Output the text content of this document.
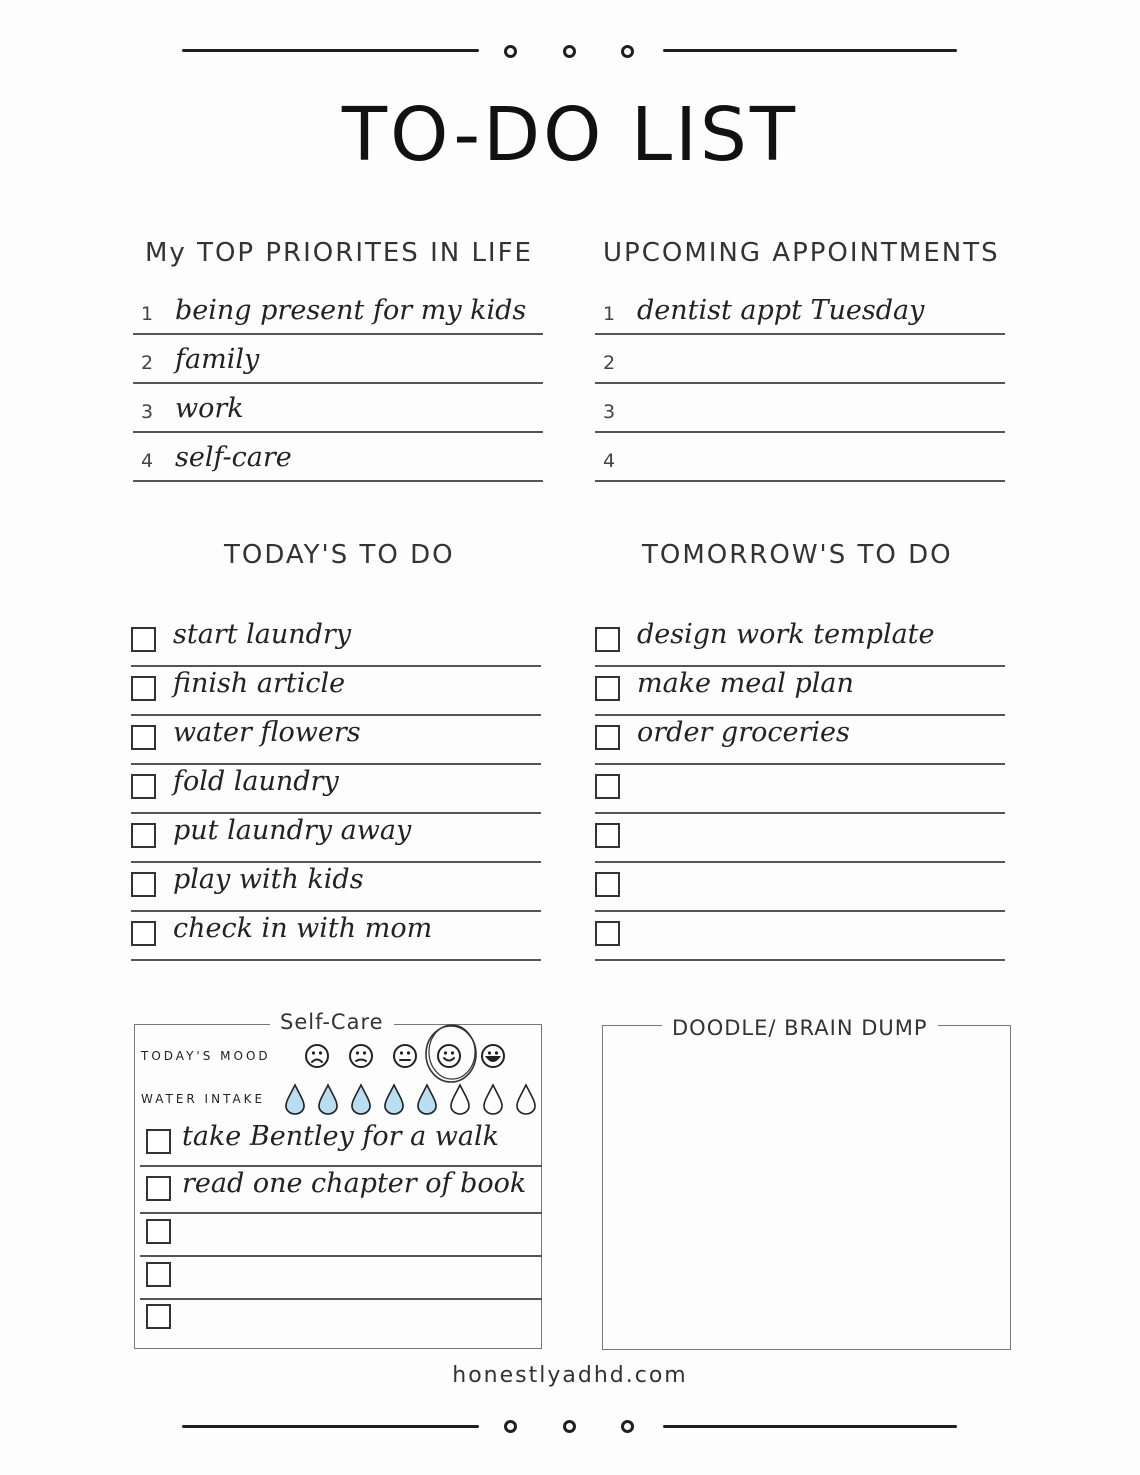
TO-DO LIST
My TOP PRIORITES IN LIFE	UPCOMING APPOINTMENTS
1 being present for my kids
2 family
3 work
4 self-care
1 dentist appt Tuesday
2
3
4
TODAY'S TO DO	TOMORROW'S TO DO
start laundry
finish article
water flowers
fold laundry
put laundry away
play with kids
check in with mom
design work template
make meal plan
order groceries
Self-Care
TODAY'S MOOD
WATER INTAKE
take Bentley for a walk
read one chapter of book
DOODLE/ BRAIN DUMP
honestlyadhd.com
